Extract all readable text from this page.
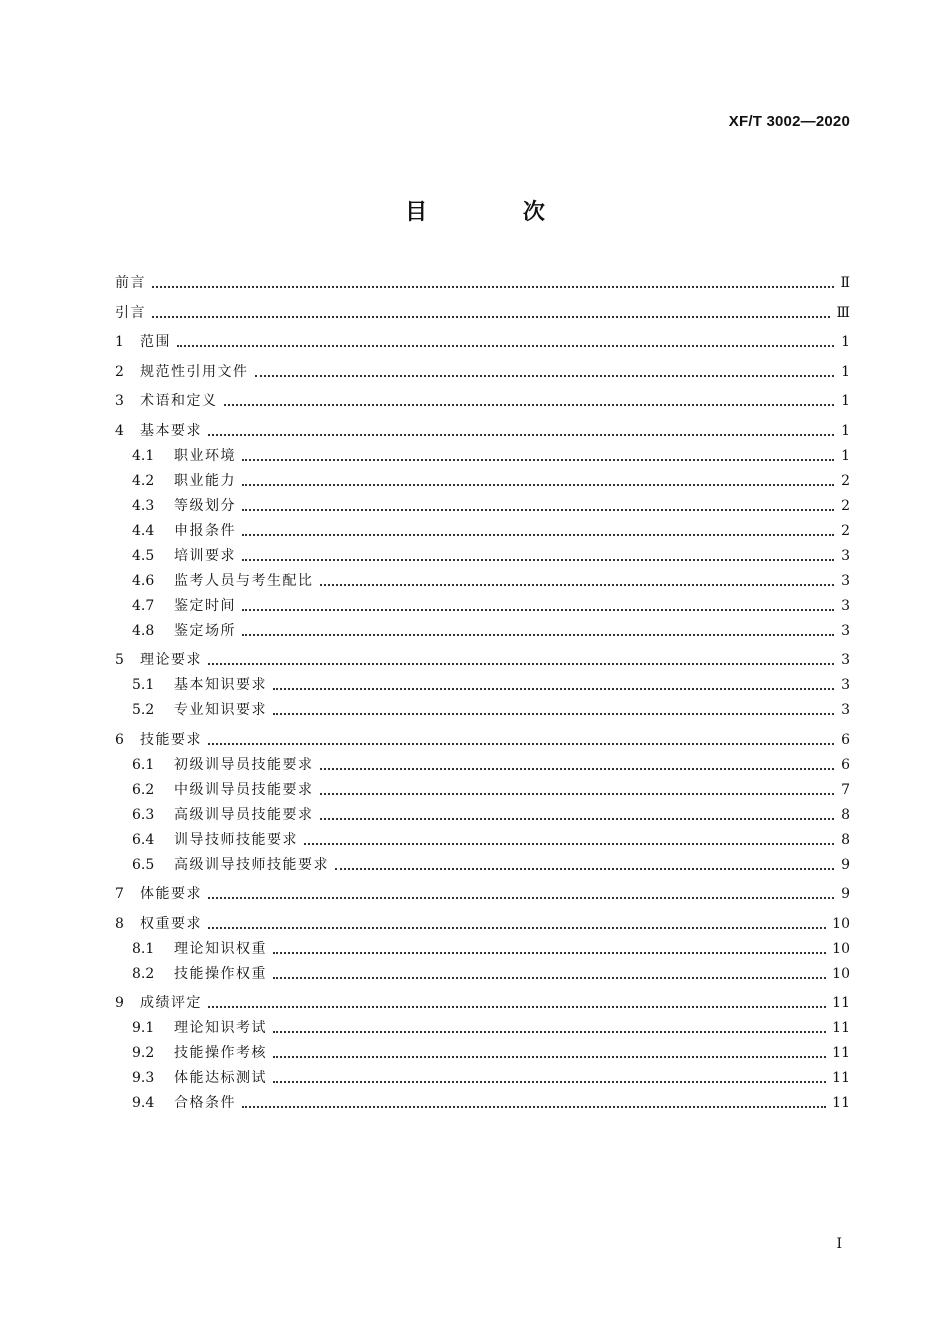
XF/T 3002—2020
目 次
前言	Ⅱ
引言	Ⅲ
1	范围	1
2	规范性引用文件	1
3	术语和定义	1
4	基本要求	1
4.1	职业环境	1
4.2	职业能力	2
4.3	等级划分	2
4.4	申报条件	2
4.5	培训要求	3
4.6	监考人员与考生配比	3
4.7	鉴定时间	3
4.8	鉴定场所	3
5	理论要求	3
5.1	基本知识要求	3
5.2	专业知识要求	3
6	技能要求	6
6.1	初级训导员技能要求	6
6.2	中级训导员技能要求	7
6.3	高级训导员技能要求	8
6.4	训导技师技能要求	8
6.5	高级训导技师技能要求	9
7	体能要求	9
8	权重要求	10
8.1	理论知识权重	10
8.2	技能操作权重	10
9	成绩评定	11
9.1	理论知识考试	11
9.2	技能操作考核	11
9.3	体能达标测试	11
9.4	合格条件	11
I
